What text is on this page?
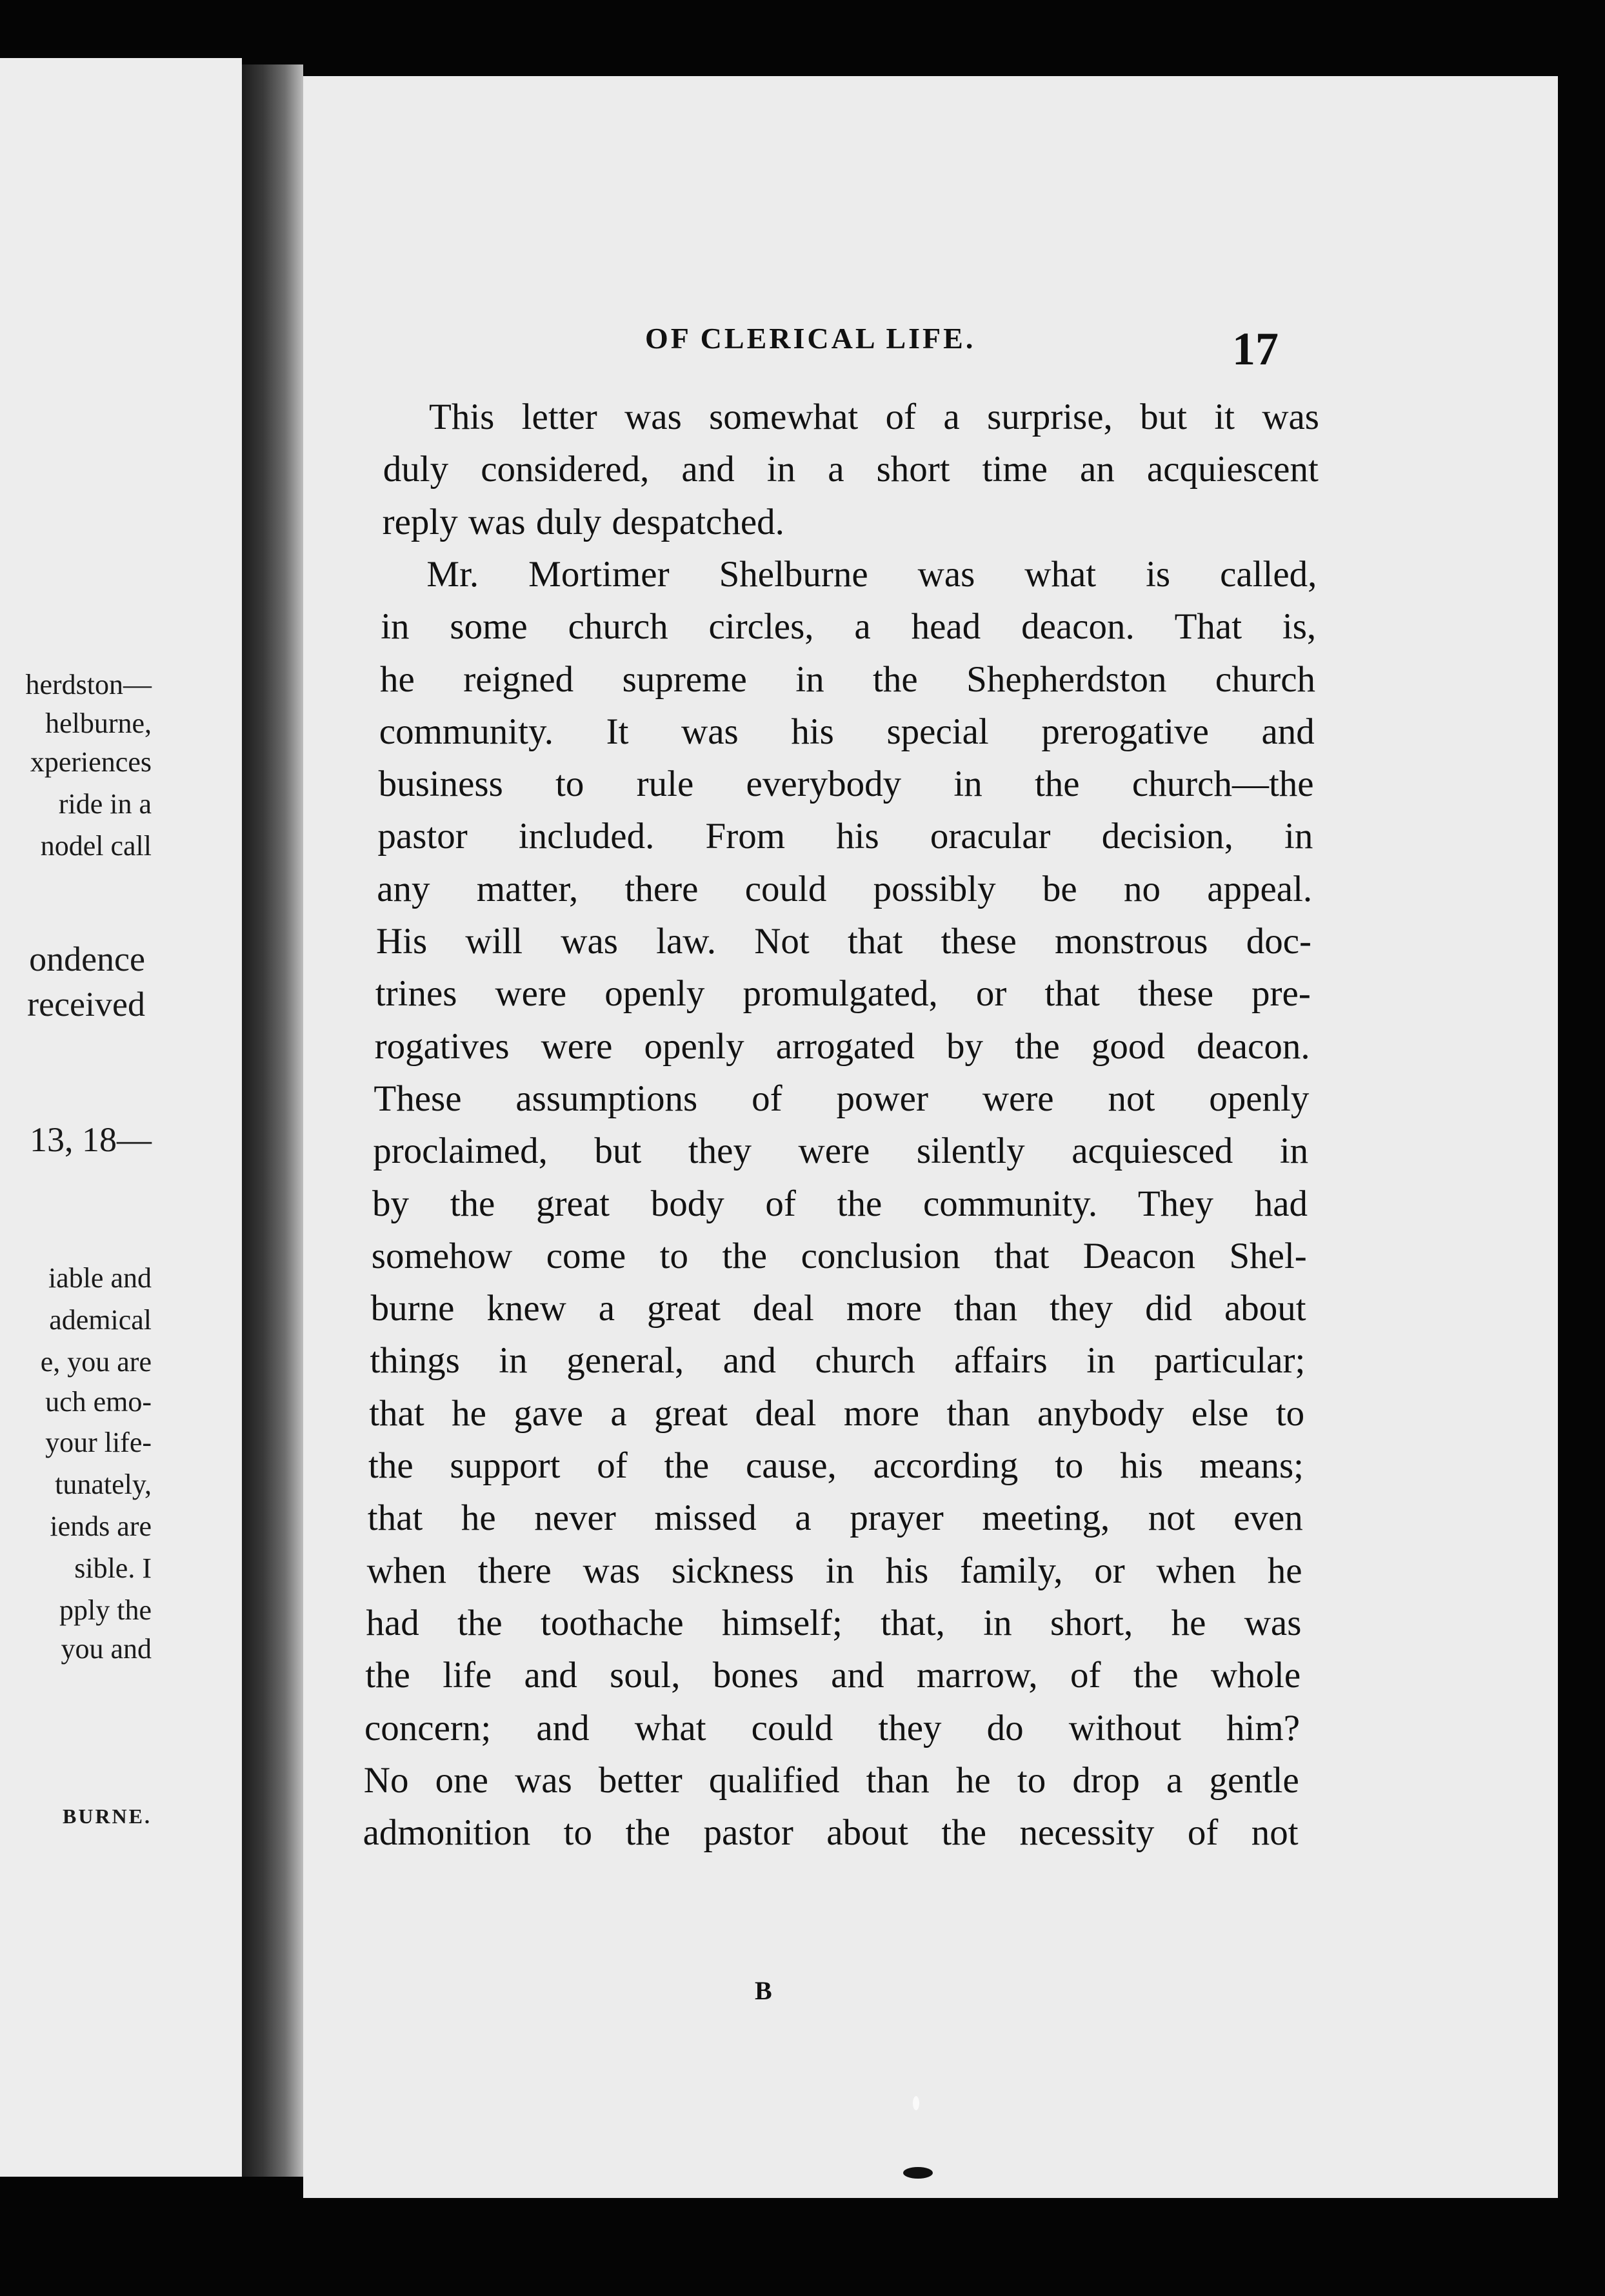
herdston—
helburne,
xperiences
ride in a
nodel call
ondence
received
13, 18—
iable and
ademical
e, you are
uch emo-
your life-
tunately,
iends are
sible. I
pply the
you and
BURNE.
OF CLERICAL LIFE.	17
This letter was somewhat of a surprise, but it was
duly considered, and in a short time an acquiescent
reply was duly despatched.
Mr. Mortimer Shelburne was what is called,
in some church circles, a head deacon. That is,
he reigned supreme in the Shepherdston church
community. It was his special prerogative and
business to rule everybody in the church—the
pastor included. From his oracular decision, in
any matter, there could possibly be no appeal.
His will was law. Not that these monstrous doc-
trines were openly promulgated, or that these pre-
rogatives were openly arrogated by the good deacon.
These assumptions of power were not openly
proclaimed, but they were silently acquiesced in
by the great body of the community. They had
somehow come to the conclusion that Deacon Shel-
burne knew a great deal more than they did about
things in general, and church affairs in particular;
that he gave a great deal more than anybody else to
the support of the cause, according to his means;
that he never missed a prayer meeting, not even
when there was sickness in his family, or when he
had the toothache himself; that, in short, he was
the life and soul, bones and marrow, of the whole
concern; and what could they do without him?
No one was better qualified than he to drop a gentle
admonition to the pastor about the necessity of not
B
